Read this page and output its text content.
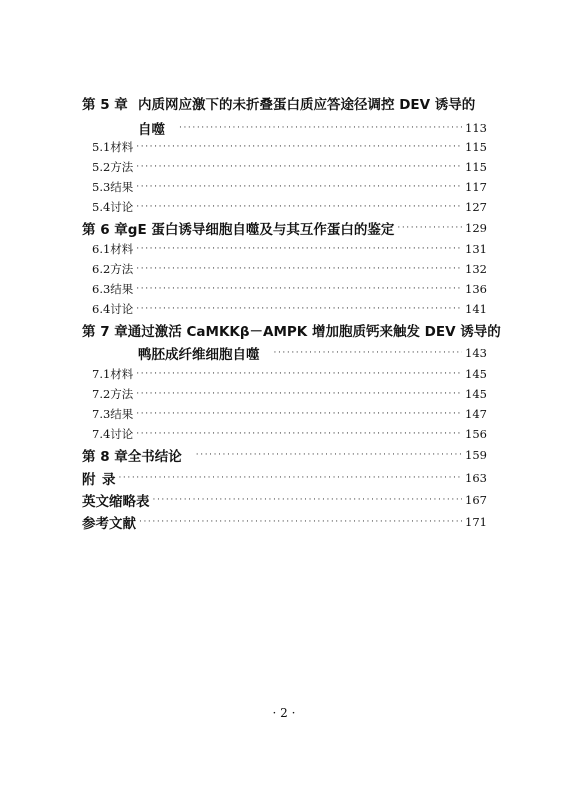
第 5 章 内质网应激下的未折叠蛋白质应答途径调控 DEV 诱导的
自噬 ·····	113
5.1 材料 ·····	115
5.2 方法 ·····	115
5.3 结果 ·····	117
5.4 讨论 ·····	127
第 6 章 gE 蛋白诱导细胞自噬及与其互作蛋白的鉴定 ·····	129
6.1 材料 ·····	131
6.2 方法 ·····	132
6.3 结果 ·····	136
6.4 讨论 ·····	141
第 7 章 通过激活 CaMKKβ－AMPK 增加胞质钙来触发 DEV 诱导的
鸭胚成纤维细胞自噬 ·····	143
7.1 材料 ·····	145
7.2 方法 ·····	145
7.3 结果 ·····	147
7.4 讨论 ·····	156
第 8 章 全书结论 ·····	159
附 录 ·····	163
英文缩略表 ·····	167
参考文献 ·····	171
· 2 ·
